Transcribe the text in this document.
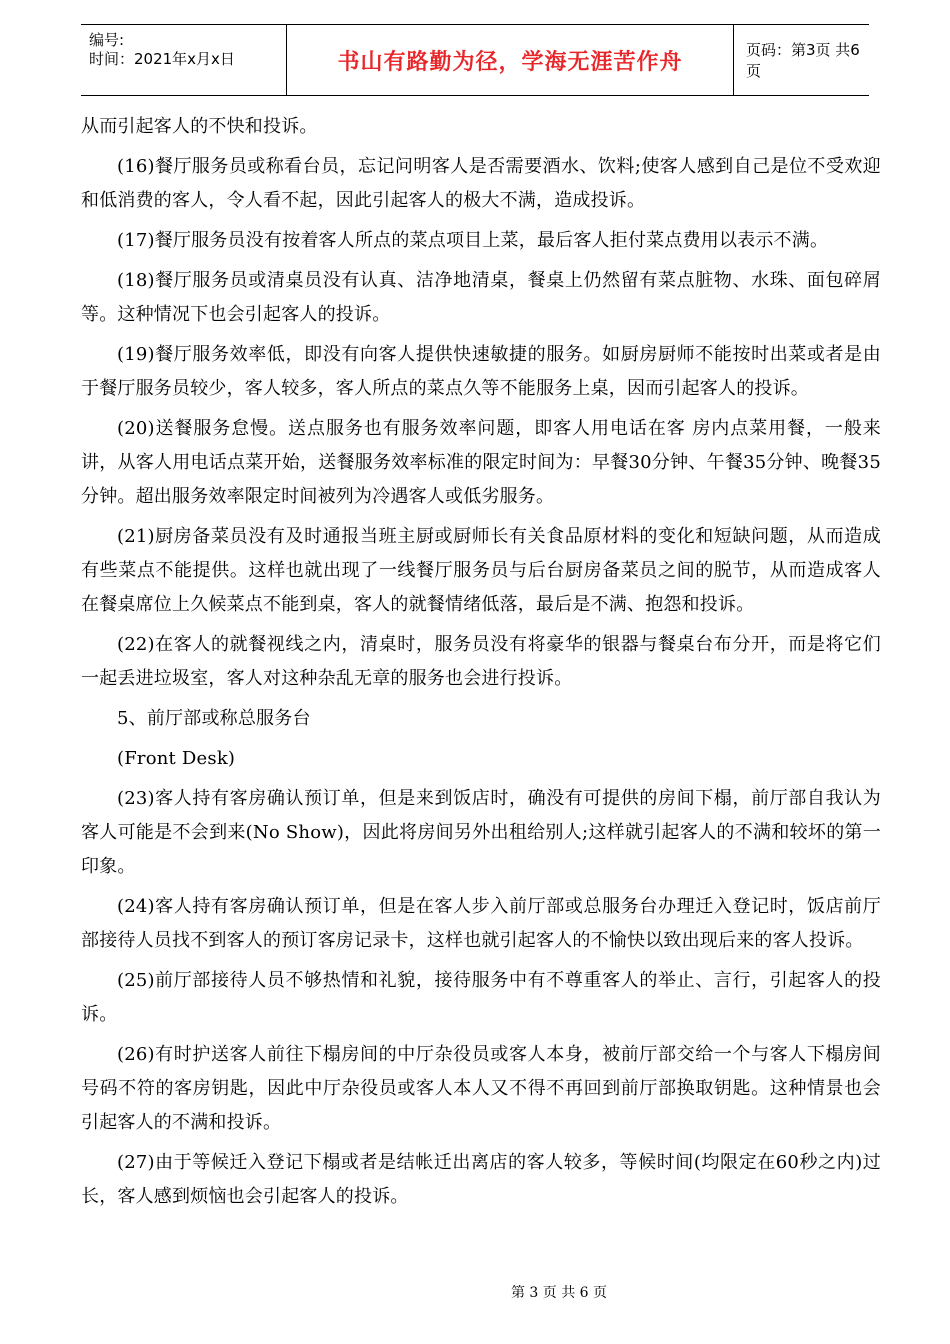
编号:
时间：2021年x月x日	书山有路勤为径，学海无涯苦作舟	页码：第3页 共6页

从而引起客人的不快和投诉。

(16)餐厅服务员或称看台员，忘记问明客人是否需要酒水、饮料;使客人感到自己是位不受欢迎和低消费的客人，令人看不起，因此引起客人的极大不满，造成投诉。

(17)餐厅服务员没有按着客人所点的菜点项目上菜，最后客人拒付菜点费用以表示不满。

(18)餐厅服务员或清桌员没有认真、洁净地清桌，餐桌上仍然留有菜点脏物、水珠、面包碎屑等。这种情况下也会引起客人的投诉。

(19)餐厅服务效率低，即没有向客人提供快速敏捷的服务。如厨房厨师不能按时出菜或者是由于餐厅服务员较少，客人较多，客人所点的菜点久等不能服务上桌，因而引起客人的投诉。

(20)送餐服务怠慢。送点服务也有服务效率问题，即客人用电话在客 房内点菜用餐，一般来讲，从客人用电话点菜开始，送餐服务效率标准的限定时间为：早餐30分钟、午餐35分钟、晚餐35分钟。超出服务效率限定时间被列为冷遇客人或低劣服务。

(21)厨房备菜员没有及时通报当班主厨或厨师长有关食品原材料的变化和短缺问题，从而造成有些菜点不能提供。这样也就出现了一线餐厅服务员与后台厨房备菜员之间的脱节，从而造成客人在餐桌席位上久候菜点不能到桌，客人的就餐情绪低落，最后是不满、抱怨和投诉。

(22)在客人的就餐视线之内，清桌时，服务员没有将豪华的银器与餐桌台布分开，而是将它们一起丢进垃圾室，客人对这种杂乱无章的服务也会进行投诉。

5、前厅部或称总服务台

(Front Desk)

(23)客人持有客房确认预订单，但是来到饭店时，确没有可提供的房间下榻，前厅部自我认为客人可能是不会到来(No Show)，因此将房间另外出租给别人;这样就引起客人的不满和较坏的第一印象。

(24)客人持有客房确认预订单，但是在客人步入前厅部或总服务台办理迁入登记时，饭店前厅部接待人员找不到客人的预订客房记录卡，这样也就引起客人的不愉快以致出现后来的客人投诉。

(25)前厅部接待人员不够热情和礼貌，接待服务中有不尊重客人的举止、言行，引起客人的投诉。

(26)有时护送客人前往下榻房间的中厅杂役员或客人本身，被前厅部交给一个与客人下榻房间号码不符的客房钥匙，因此中厅杂役员或客人本人又不得不再回到前厅部换取钥匙。这种情景也会引起客人的不满和投诉。

(27)由于等候迁入登记下榻或者是结帐迁出离店的客人较多，等候时间(均限定在60秒之内)过长，客人感到烦恼也会引起客人的投诉。

第 3 页 共 6 页
